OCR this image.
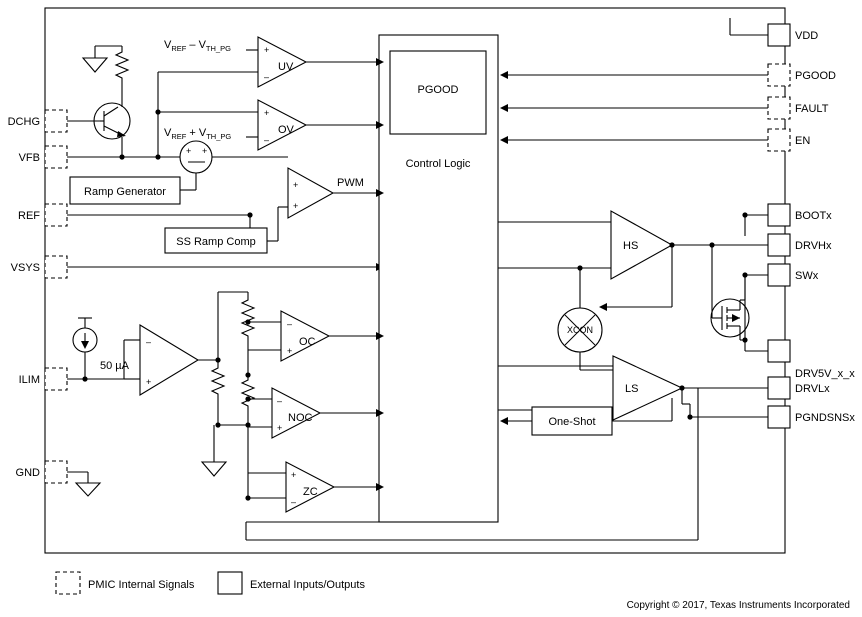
DCHG
VFB
REF
VSYS
ILIM
GND
VDD
PGOOD
FAULT
EN
BOOTx
DRVHx
SWx
DRV5V_x_x
DRVLx
PGNDSNSx
Control Logic
PGOOD
+
–
UV
$V_{REF} - V_{TH\_PG}$
+
–
OV
$V_{REF} + V_{TH\_PG}$
+ +
Ramp Generator
SS Ramp Comp
+
+
PWM
50 µA
–
+
–
+
OC
–
+
NOC
+
–
ZC
HS
LS
XCON
One-Shot
PMIC Internal Signals	External Inputs/Outputs
Copyright © 2017, Texas Instruments Incorporated
